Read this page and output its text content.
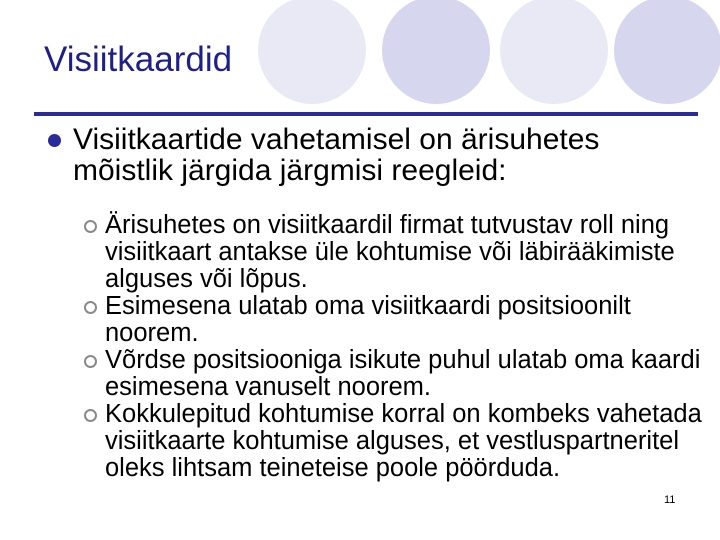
Visiitkaardid
Visiitkaartide vahetamisel on ärisuhetes mõistlik järgida järgmisi reegleid:
Ärisuhetes on visiitkaardil firmat tutvustav roll ning visiitkaart antakse üle kohtumise või läbirääkimiste alguses või lõpus.
Esimesena ulatab oma visiitkaardi positsioonilt noorem.
Võrdse positsiooniga isikute puhul ulatab oma kaardi esimesena vanuselt noorem.
Kokkulepitud kohtumise korral on kombeks vahetada visiitkaarte kohtumise alguses, et vestluspartneritel oleks lihtsam teineteise poole pöörduda.
11
